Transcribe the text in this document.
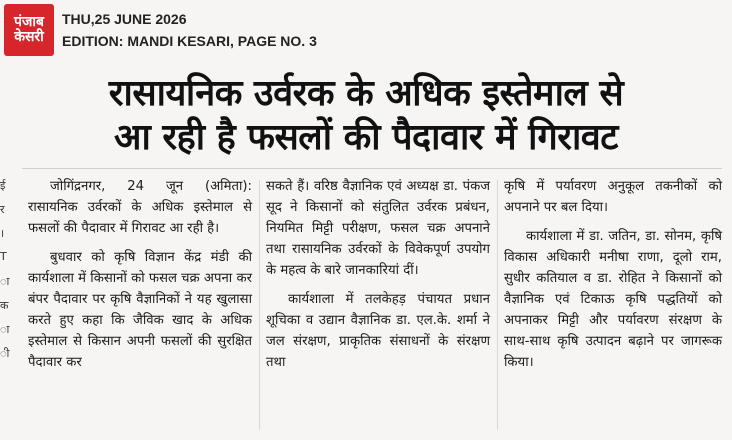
पंजाब
केसरी
THU,25 JUNE 2026
EDITION: MANDI KESARI, PAGE NO. 3
रासायनिक उर्वरक के अधिक इस्तेमाल से
आ रही है फसलों की पैदावार में गिरावट
ई
र
।
T
ा
क
ा
ी

जोगिंद्रनगर, 24 जून (अमिता): रासायनिक उर्वरकों के अधिक इस्तेमाल से फसलों की पैदावार में गिरावट आ रही है।

बुधवार को कृषि विज्ञान केंद्र मंडी की कार्यशाला में किसानों को फसल चक्र अपना कर बंपर पैदावार पर कृषि वैज्ञानिकों ने यह खुलासा करते हुए कहा कि जैविक खाद के अधिक इस्तेमाल से किसान अपनी फसलों की सुरक्षित पैदावार कर

सकते हैं। वरिष्ठ वैज्ञानिक एवं अध्यक्ष डा. पंकज सूद ने किसानों को संतुलित उर्वरक प्रबंधन, नियमित मिट्टी परीक्षण, फसल चक्र अपनाने तथा रासायनिक उर्वरकों के विवेकपूर्ण उपयोग के महत्व के बारे जानकारियां दीं।

कार्यशाला में तलकेहड़ पंचायत प्रधान शूचिका व उद्यान वैज्ञानिक डा. एल.के. शर्मा ने जल संरक्षण, प्राकृतिक संसाधनों के संरक्षण तथा

कृषि में पर्यावरण अनुकूल तकनीकों को अपनाने पर बल दिया।

कार्यशाला में डा. जतिन, डा. सोनम, कृषि विकास अधिकारी मनीषा राणा, दूलो राम, सुधीर कतियाल व डा. रोहित ने किसानों को वैज्ञानिक एवं टिकाऊ कृषि पद्धतियों को अपनाकर मिट्टी और पर्यावरण संरक्षण के साथ-साथ कृषि उत्पादन बढ़ाने पर जागरूक किया।
